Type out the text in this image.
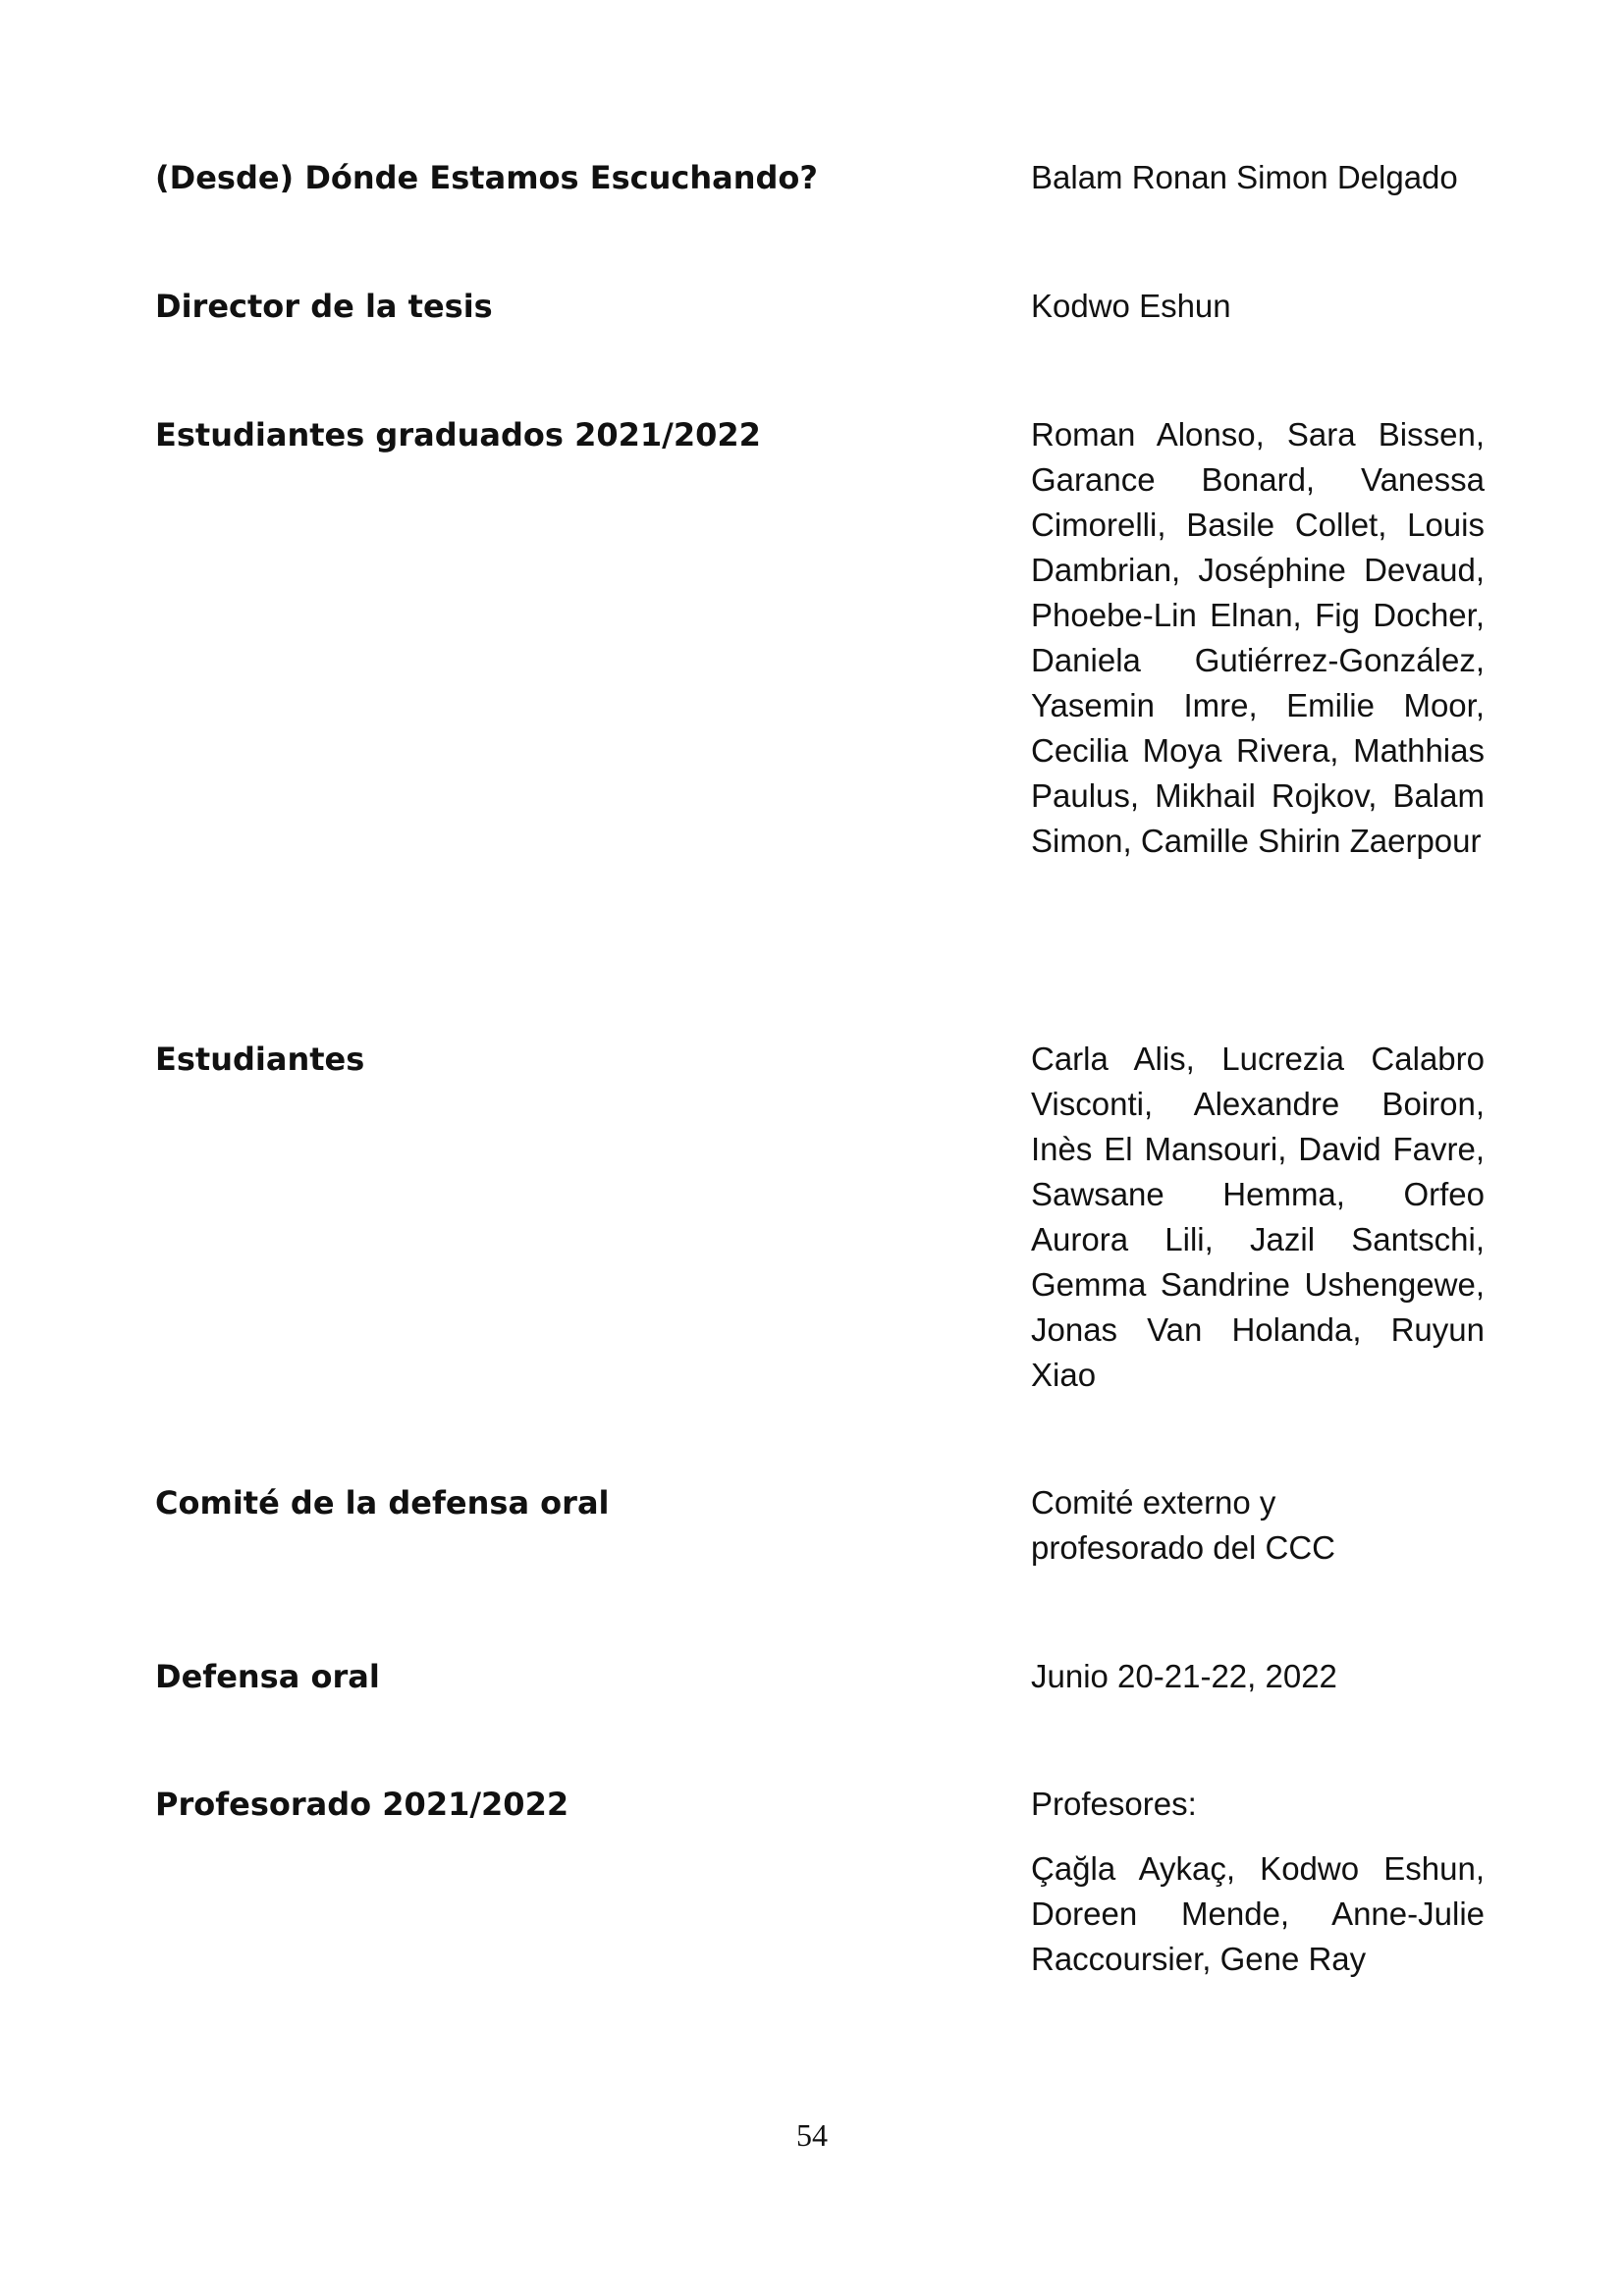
(Desde) Dónde Estamos Escuchando?	Balam Ronan Simon Delgado
Director de la tesis	Kodwo Eshun
Estudiantes graduados 2021/2022	Roman Alonso, Sara Bissen, Garance Bonard, Vanessa Cimorelli, Basile Collet, Louis Dambrian, Joséphine Devaud, Phoebe-Lin Elnan, Fig Docher, Daniela Gutiérrez-González, Yasemin Imre, Emilie Moor, Cecilia Moya Rivera, Mathhias Paulus, Mikhail Rojkov, Balam Simon, Camille Shirin Zaerpour
Estudiantes	Carla Alis, Lucrezia Calabro Visconti, Alexandre Boiron, Inès El Mansouri, David Favre, Sawsane Hemma, Orfeo Aurora Lili, Jazil Santschi, Gemma Sandrine Ushengewe, Jonas Van Holanda, Ruyun Xiao
Comité de la defensa oral	Comité externo y profesorado del CCC
Defensa oral	Junio 20-21-22, 2022
Profesorado 2021/2022	Profesores:

Çağla Aykaç, Kodwo Eshun, Doreen Mende, Anne-Julie Raccoursier, Gene Ray

54
